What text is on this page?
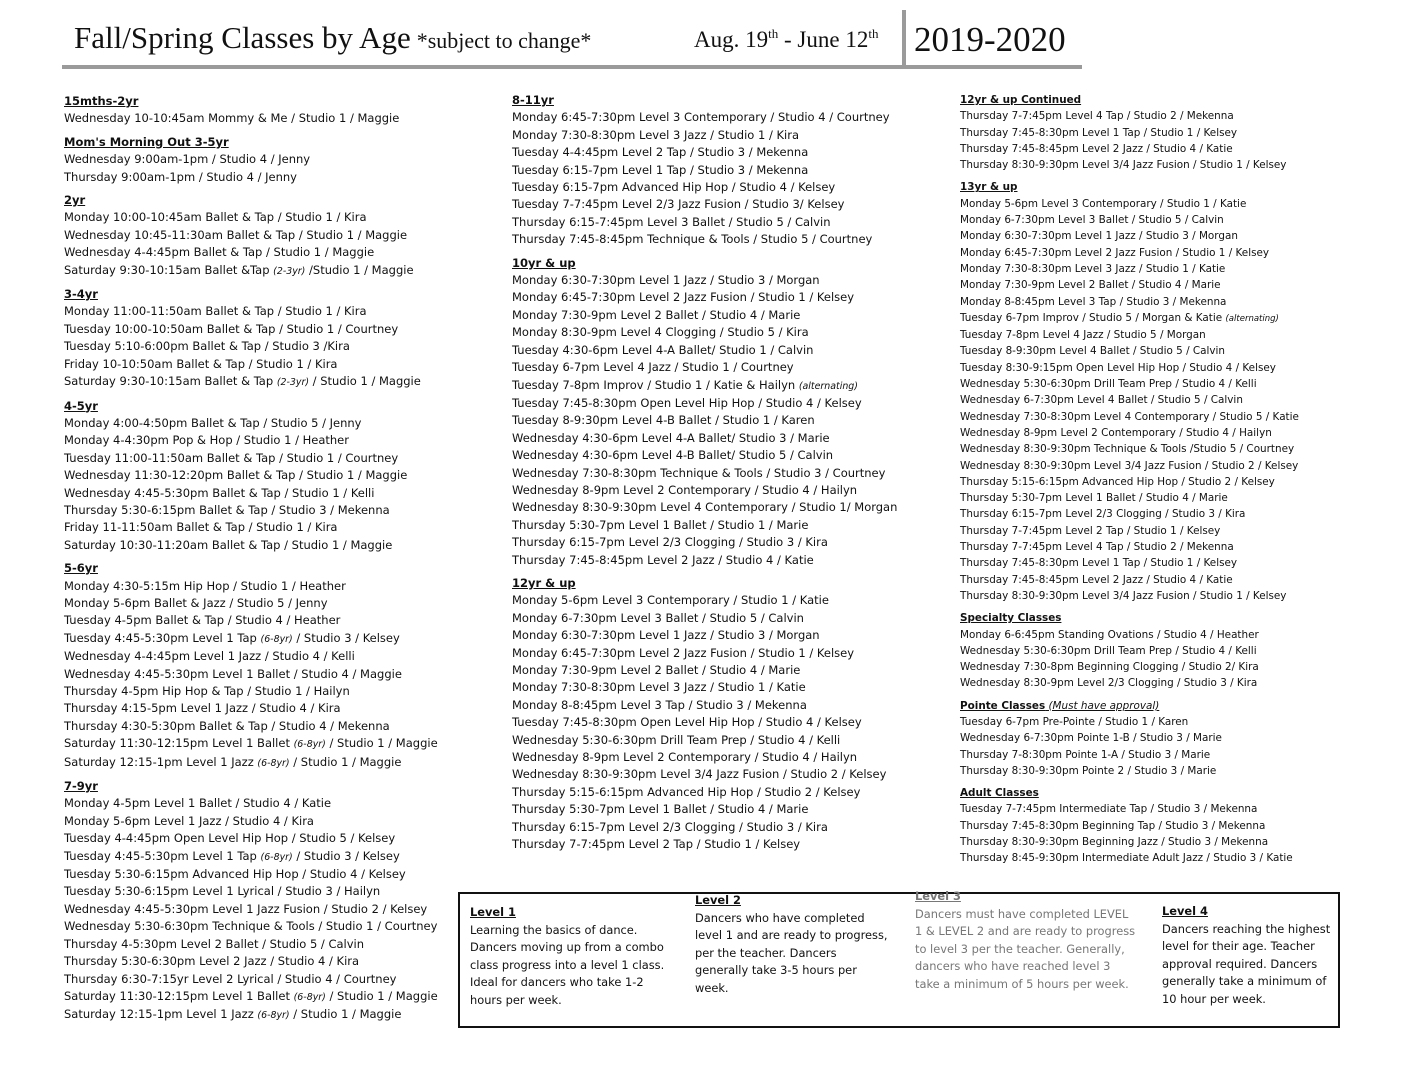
Fall/Spring Classes by Age *subject to change*	Aug. 19th - June 12th 2019-2020
15mths-2yr
Wednesday 10-10:45am Mommy & Me / Studio 1 / Maggie
Mom's Morning Out 3-5yr
Wednesday 9:00am-1pm / Studio 4 / Jenny
Thursday 9:00am-1pm / Studio 4 / Jenny
2yr
Monday 10:00-10:45am Ballet & Tap / Studio 1 / Kira
Wednesday 10:45-11:30am Ballet & Tap / Studio 1 / Maggie
Wednesday 4-4:45pm Ballet & Tap / Studio 1 / Maggie
Saturday 9:30-10:15am Ballet &Tap (2-3yr) /Studio 1 / Maggie
3-4yr
Monday 11:00-11:50am Ballet & Tap / Studio 1 / Kira
Tuesday 10:00-10:50am Ballet & Tap / Studio 1 / Courtney
Tuesday 5:10-6:00pm Ballet & Tap / Studio 3 /Kira
Friday 10-10:50am Ballet & Tap / Studio 1 / Kira
Saturday 9:30-10:15am Ballet & Tap (2-3yr) / Studio 1 / Maggie
4-5yr
Monday 4:00-4:50pm Ballet & Tap / Studio 5 / Jenny
Monday 4-4:30pm Pop & Hop / Studio 1 / Heather
Tuesday 11:00-11:50am Ballet & Tap / Studio 1 / Courtney
Wednesday 11:30-12:20pm Ballet & Tap / Studio 1 / Maggie
Wednesday 4:45-5:30pm Ballet & Tap / Studio 1 / Kelli
Thursday 5:30-6:15pm Ballet & Tap / Studio 3 / Mekenna
Friday 11-11:50am Ballet & Tap / Studio 1 / Kira
Saturday 10:30-11:20am Ballet & Tap / Studio 1 / Maggie
5-6yr
Monday 4:30-5:15m Hip Hop / Studio 1 / Heather
Monday 5-6pm Ballet & Jazz / Studio 5 / Jenny
Tuesday 4-5pm Ballet & Tap / Studio 4 / Heather
Tuesday 4:45-5:30pm Level 1 Tap (6-8yr) / Studio 3 / Kelsey
Wednesday 4-4:45pm Level 1 Jazz / Studio 4 / Kelli
Wednesday 4:45-5:30pm Level 1 Ballet / Studio 4 / Maggie
Thursday 4-5pm Hip Hop & Tap / Studio 1 / Hailyn
Thursday 4:15-5pm Level 1 Jazz / Studio 4 / Kira
Thursday 4:30-5:30pm Ballet & Tap / Studio 4 / Mekenna
Saturday 11:30-12:15pm Level 1 Ballet (6-8yr) / Studio 1 / Maggie
Saturday 12:15-1pm Level 1 Jazz (6-8yr) / Studio 1 / Maggie
7-9yr
Monday 4-5pm Level 1 Ballet / Studio 4 / Katie
Monday 5-6pm Level 1 Jazz / Studio 4 / Kira
Tuesday 4-4:45pm Open Level Hip Hop / Studio 5 / Kelsey
Tuesday 4:45-5:30pm Level 1 Tap (6-8yr) / Studio 3 / Kelsey
Tuesday 5:30-6:15pm Advanced Hip Hop / Studio 4 / Kelsey
Tuesday 5:30-6:15pm Level 1 Lyrical / Studio 3 / Hailyn
Wednesday 4:45-5:30pm Level 1 Jazz Fusion / Studio 2 / Kelsey
Wednesday 5:30-6:30pm Technique & Tools / Studio 1 / Courtney
Thursday 4-5:30pm Level 2 Ballet / Studio 5 / Calvin
Thursday 5:30-6:30pm Level 2 Jazz / Studio 4 / Kira
Thursday 6:30-7:15yr Level 2 Lyrical / Studio 4 / Courtney
Saturday 11:30-12:15pm Level 1 Ballet (6-8yr) / Studio 1 / Maggie
Saturday 12:15-1pm Level 1 Jazz (6-8yr) / Studio 1 / Maggie
8-11yr
Monday 6:45-7:30pm Level 3 Contemporary / Studio 4 / Courtney
Monday 7:30-8:30pm Level 3 Jazz / Studio 1 / Kira
Tuesday 4-4:45pm Level 2 Tap / Studio 3 / Mekenna
Tuesday 6:15-7pm Level 1 Tap / Studio 3 / Mekenna
Tuesday 6:15-7pm Advanced Hip Hop / Studio 4 / Kelsey
Tuesday 7-7:45pm Level 2/3 Jazz Fusion / Studio 3/ Kelsey
Thursday 6:15-7:45pm Level 3 Ballet / Studio 5 / Calvin
Thursday 7:45-8:45pm Technique & Tools / Studio 5 / Courtney
10yr & up
Monday 6:30-7:30pm Level 1 Jazz / Studio 3 / Morgan
Monday 6:45-7:30pm Level 2 Jazz Fusion / Studio 1 / Kelsey
Monday 7:30-9pm Level 2 Ballet / Studio 4 / Marie
Monday 8:30-9pm Level 4 Clogging / Studio 5 / Kira
Tuesday 4:30-6pm Level 4-A Ballet/ Studio 1 / Calvin
Tuesday 6-7pm Level 4 Jazz / Studio 1 / Courtney
Tuesday 7-8pm Improv / Studio 1 / Katie & Hailyn (alternating)
Tuesday 7:45-8:30pm Open Level Hip Hop / Studio 4 / Kelsey
Tuesday 8-9:30pm Level 4-B Ballet / Studio 1 / Karen
Wednesday 4:30-6pm Level 4-A Ballet/ Studio 3 / Marie
Wednesday 4:30-6pm Level 4-B Ballet/ Studio 5 / Calvin
Wednesday 7:30-8:30pm Technique & Tools / Studio 3 / Courtney
Wednesday 8-9pm Level 2 Contemporary / Studio 4 / Hailyn
Wednesday 8:30-9:30pm Level 4 Contemporary / Studio 1/ Morgan
Thursday 5:30-7pm Level 1 Ballet / Studio 1 / Marie
Thursday 6:15-7pm Level 2/3 Clogging / Studio 3 / Kira
Thursday 7:45-8:45pm Level 2 Jazz / Studio 4 / Katie
12yr & up
Monday 5-6pm Level 3 Contemporary / Studio 1 / Katie
Monday 6-7:30pm Level 3 Ballet / Studio 5 / Calvin
Monday 6:30-7:30pm Level 1 Jazz / Studio 3 / Morgan
Monday 6:45-7:30pm Level 2 Jazz Fusion / Studio 1 / Kelsey
Monday 7:30-9pm Level 2 Ballet / Studio 4 / Marie
Monday 7:30-8:30pm Level 3 Jazz / Studio 1 / Katie
Monday 8-8:45pm Level 3 Tap / Studio 3 / Mekenna
Tuesday 7:45-8:30pm Open Level Hip Hop / Studio 4 / Kelsey
Wednesday 5:30-6:30pm Drill Team Prep / Studio 4 / Kelli
Wednesday 8-9pm Level 2 Contemporary / Studio 4 / Hailyn
Wednesday 8:30-9:30pm Level 3/4 Jazz Fusion / Studio 2 / Kelsey
Thursday 5:15-6:15pm Advanced Hip Hop / Studio 2 / Kelsey
Thursday 5:30-7pm Level 1 Ballet / Studio 4 / Marie
Thursday 6:15-7pm Level 2/3 Clogging / Studio 3 / Kira
Thursday 7-7:45pm Level 2 Tap / Studio 1 / Kelsey
12yr & up Continued
Thursday 7-7:45pm Level 4 Tap / Studio 2 / Mekenna
Thursday 7:45-8:30pm Level 1 Tap / Studio 1 / Kelsey
Thursday 7:45-8:45pm Level 2 Jazz / Studio 4 / Katie
Thursday 8:30-9:30pm Level 3/4 Jazz Fusion / Studio 1 / Kelsey
13yr & up
Monday 5-6pm Level 3 Contemporary / Studio 1 / Katie
Monday 6-7:30pm Level 3 Ballet / Studio 5 / Calvin
Monday 6:30-7:30pm Level 1 Jazz / Studio 3 / Morgan
Monday 6:45-7:30pm Level 2 Jazz Fusion / Studio 1 / Kelsey
Monday 7:30-8:30pm Level 3 Jazz / Studio 1 / Katie
Monday 7:30-9pm Level 2 Ballet / Studio 4 / Marie
Monday 8-8:45pm Level 3 Tap / Studio 3 / Mekenna
Tuesday 6-7pm Improv / Studio 5 / Morgan & Katie (alternating)
Tuesday 7-8pm Level 4 Jazz / Studio 5 / Morgan
Tuesday 8-9:30pm Level 4 Ballet / Studio 5 / Calvin
Tuesday 8:30-9:15pm Open Level Hip Hop / Studio 4 / Kelsey
Wednesday 5:30-6:30pm Drill Team Prep / Studio 4 / Kelli
Wednesday 6-7:30pm Level 4 Ballet / Studio 5 / Calvin
Wednesday 7:30-8:30pm Level 4 Contemporary / Studio 5 / Katie
Wednesday 8-9pm Level 2 Contemporary / Studio 4 / Hailyn
Wednesday 8:30-9:30pm Technique & Tools /Studio 5 / Courtney
Wednesday 8:30-9:30pm Level 3/4 Jazz Fusion / Studio 2 / Kelsey
Thursday 5:15-6:15pm Advanced Hip Hop / Studio 2 / Kelsey
Thursday 5:30-7pm Level 1 Ballet / Studio 4 / Marie
Thursday 6:15-7pm Level 2/3 Clogging / Studio 3 / Kira
Thursday 7-7:45pm Level 2 Tap / Studio 1 / Kelsey
Thursday 7-7:45pm Level 4 Tap / Studio 2 / Mekenna
Thursday 7:45-8:30pm Level 1 Tap / Studio 1 / Kelsey
Thursday 7:45-8:45pm Level 2 Jazz / Studio 4 / Katie
Thursday 8:30-9:30pm Level 3/4 Jazz Fusion / Studio 1 / Kelsey
Specialty Classes
Monday 6-6:45pm Standing Ovations / Studio 4 / Heather
Wednesday 5:30-6:30pm Drill Team Prep / Studio 4 / Kelli
Wednesday 7:30-8pm Beginning Clogging / Studio 2/ Kira
Wednesday 8:30-9pm Level 2/3 Clogging / Studio 3 / Kira
Pointe Classes (Must have approval)
Tuesday 6-7pm Pre-Pointe / Studio 1 / Karen
Wednesday 6-7:30pm Pointe 1-B / Studio 3 / Marie
Thursday 7-8:30pm Pointe 1-A / Studio 3 / Marie
Thursday 8:30-9:30pm Pointe 2 / Studio 3 / Marie
Adult Classes
Tuesday 7-7:45pm Intermediate Tap / Studio 3 / Mekenna
Thursday 7:45-8:30pm Beginning Tap / Studio 3 / Mekenna
Thursday 8:30-9:30pm Beginning Jazz / Studio 3 / Mekenna
Thursday 8:45-9:30pm Intermediate Adult Jazz / Studio 3 / Katie
Level 1
Learning the basics of dance.
Dancers moving up from a combo
class progress into a level 1 class.
Ideal for dancers who take 1-2
hours per week.
Level 2
Dancers who have completed
level 1 and are ready to progress,
per the teacher. Dancers
generally take 3-5 hours per
week.
Level 3
Dancers must have completed LEVEL
1 & LEVEL 2 and are ready to progress
to level 3 per the teacher. Generally,
dancers who have reached level 3
take a minimum of 5 hours per week.
Level 4
Dancers reaching the highest
level for their age. Teacher
approval required. Dancers
generally take a minimum of
10 hour per week.
